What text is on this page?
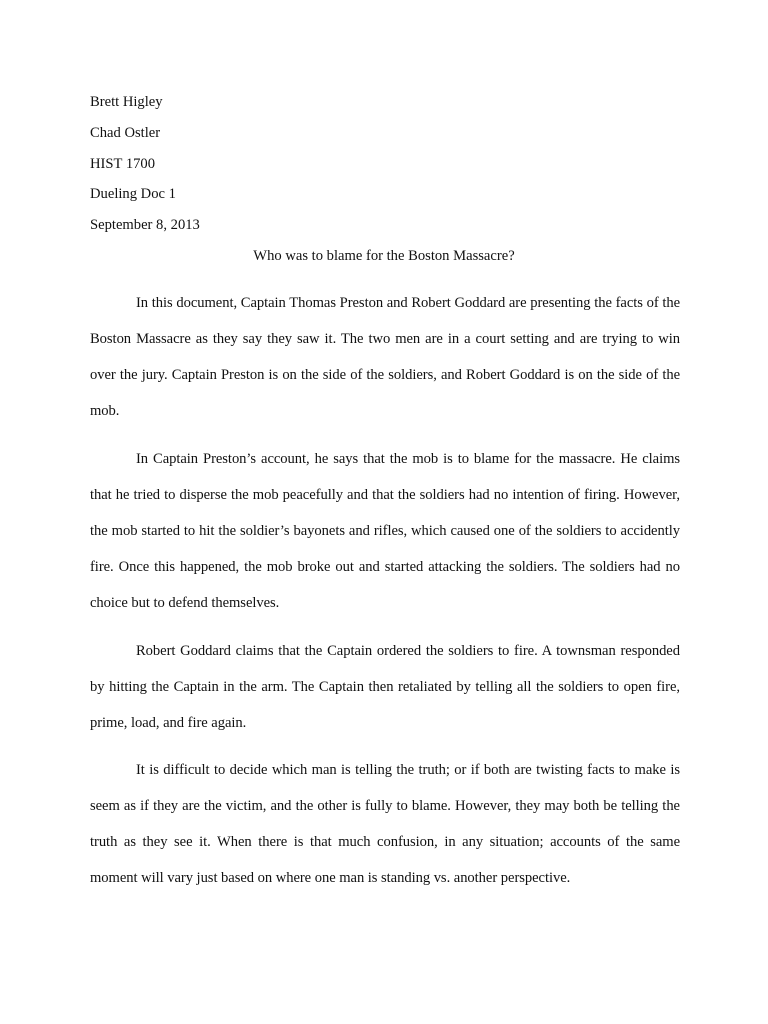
Brett Higley
Chad Ostler
HIST 1700
Dueling Doc 1
September 8, 2013
Who was to blame for the Boston Massacre?

In this document, Captain Thomas Preston and Robert Goddard are presenting the facts of the Boston Massacre as they say they saw it. The two men are in a court setting and are trying to win over the jury. Captain Preston is on the side of the soldiers, and Robert Goddard is on the side of the mob.

In Captain Preston’s account, he says that the mob is to blame for the massacre. He claims that he tried to disperse the mob peacefully and that the soldiers had no intention of firing. However, the mob started to hit the soldier’s bayonets and rifles, which caused one of the soldiers to accidently fire. Once this happened, the mob broke out and started attacking the soldiers. The soldiers had no choice but to defend themselves.

Robert Goddard claims that the Captain ordered the soldiers to fire. A townsman responded by hitting the Captain in the arm. The Captain then retaliated by telling all the soldiers to open fire, prime, load, and fire again.

It is difficult to decide which man is telling the truth; or if both are twisting facts to make is seem as if they are the victim, and the other is fully to blame. However, they may both be telling the truth as they see it. When there is that much confusion, in any situation; accounts of the same moment will vary just based on where one man is standing vs. another perspective.
